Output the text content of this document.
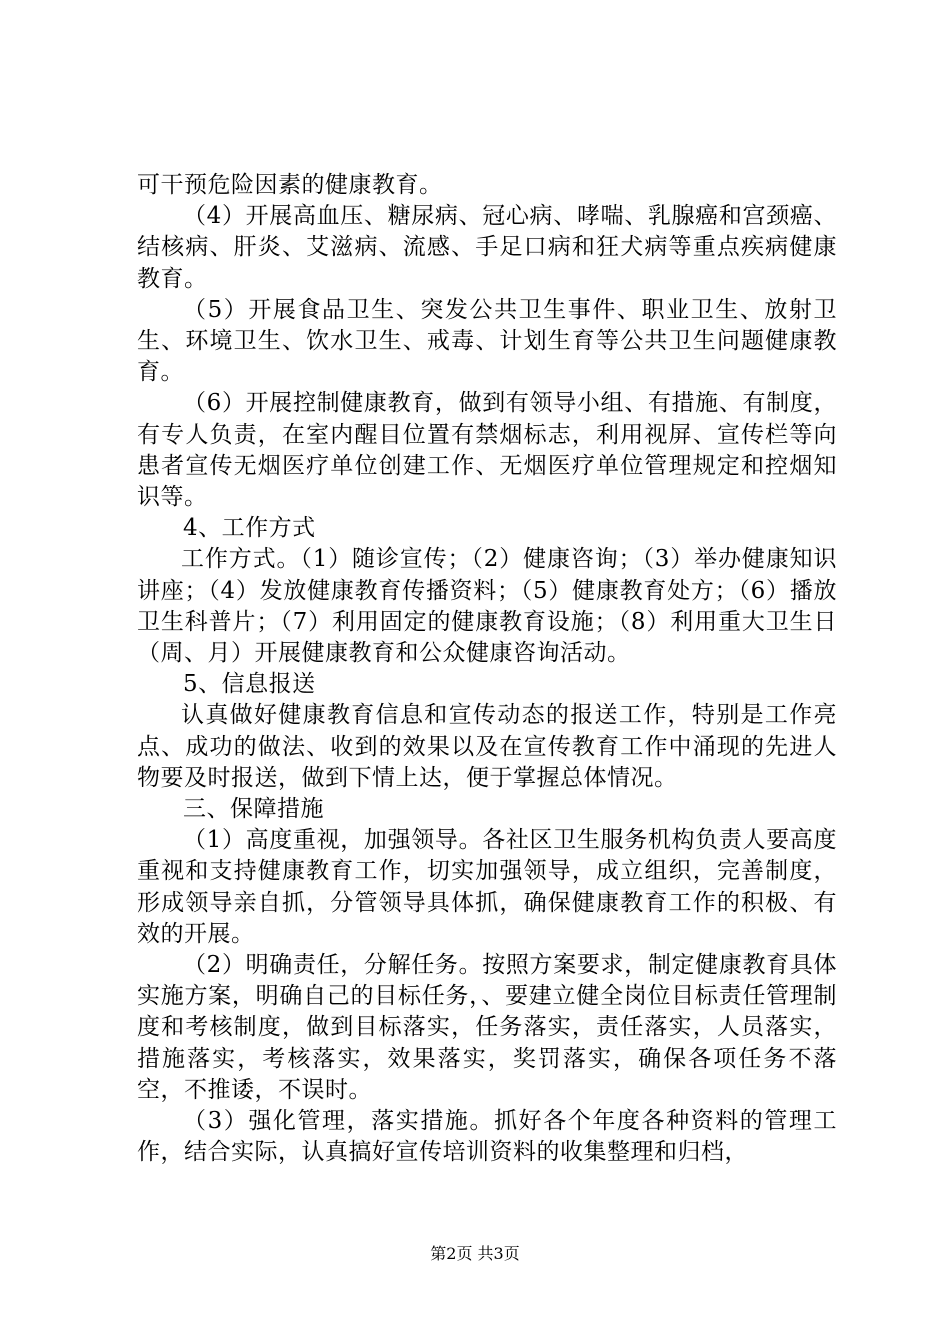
可干预危险因素的健康教育。

（4）开展高血压、糖尿病、冠心病、哮喘、乳腺癌和宫颈癌、结核病、肝炎、艾滋病、流感、手足口病和狂犬病等重点疾病健康教育。

（5）开展食品卫生、突发公共卫生事件、职业卫生、放射卫生、环境卫生、饮水卫生、戒毒、计划生育等公共卫生问题健康教育。

（6）开展控制健康教育，做到有领导小组、有措施、有制度，有专人负责，在室内醒目位置有禁烟标志，利用视屏、宣传栏等向患者宣传无烟医疗单位创建工作、无烟医疗单位管理规定和控烟知识等。

4、工作方式

工作方式。（1）随诊宣传；（2）健康咨询；（3）举办健康知识讲座；（4）发放健康教育传播资料；（5）健康教育处方；（6）播放卫生科普片；（7）利用固定的健康教育设施；（8）利用重大卫生日（周、月）开展健康教育和公众健康咨询活动。

5、信息报送

认真做好健康教育信息和宣传动态的报送工作，特别是工作亮点、成功的做法、收到的效果以及在宣传教育工作中涌现的先进人物要及时报送，做到下情上达，便于掌握总体情况。

三、保障措施

（1）高度重视，加强领导。各社区卫生服务机构负责人要高度重视和支持健康教育工作，切实加强领导，成立组织，完善制度，形成领导亲自抓，分管领导具体抓，确保健康教育工作的积极、有效的开展。

（2）明确责任，分解任务。按照方案要求，制定健康教育具体实施方案，明确自己的目标任务，、要建立健全岗位目标责任管理制度和考核制度，做到目标落实，任务落实，责任落实，人员落实，措施落实，考核落实，效果落实，奖罚落实，确保各项任务不落空，不推诿，不误时。

（3）强化管理，落实措施。抓好各个年度各种资料的管理工作，结合实际，认真搞好宣传培训资料的收集整理和归档，

第2页 共3页
